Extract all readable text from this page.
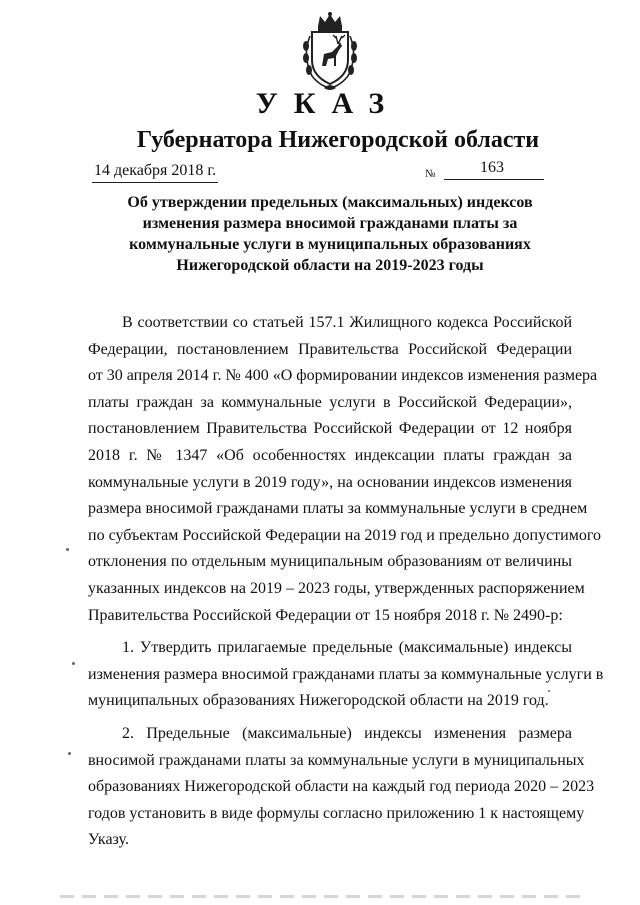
УКАЗ
Губернатора Нижегородской области
14 декабря 2018 г.	№	163
Об утверждении предельных (максимальных) индексов
изменения размера вносимой гражданами платы за
коммунальные услуги в муниципальных образованиях
Нижегородской области на 2019-2023 годы
В соответствии со статьей 157.1 Жилищного кодекса Российской
Федерации, постановлением Правительства Российской Федерации
от 30 апреля 2014 г. № 400 «О формировании индексов изменения размера
платы граждан за коммунальные услуги в Российской Федерации»,
постановлением Правительства Российской Федерации от 12 ноября
2018 г. № 1347 «Об особенностях индексации платы граждан за
коммунальные услуги в 2019 году», на основании индексов изменения
размера вносимой гражданами платы за коммунальные услуги в среднем
по субъектам Российской Федерации на 2019 год и предельно допустимого
отклонения по отдельным муниципальным образованиям от величины
указанных индексов на 2019 – 2023 годы, утвержденных распоряжением
Правительства Российской Федерации от 15 ноября 2018 г. № 2490-р:
1. Утвердить прилагаемые предельные (максимальные) индексы
изменения размера вносимой гражданами платы за коммунальные услуги в
муниципальных образованиях Нижегородской области на 2019 год.
2. Предельные (максимальные) индексы изменения размера
вносимой гражданами платы за коммунальные услуги в муниципальных
образованиях Нижегородской области на каждый год периода 2020 – 2023
годов установить в виде формулы согласно приложению 1 к настоящему
Указу.
